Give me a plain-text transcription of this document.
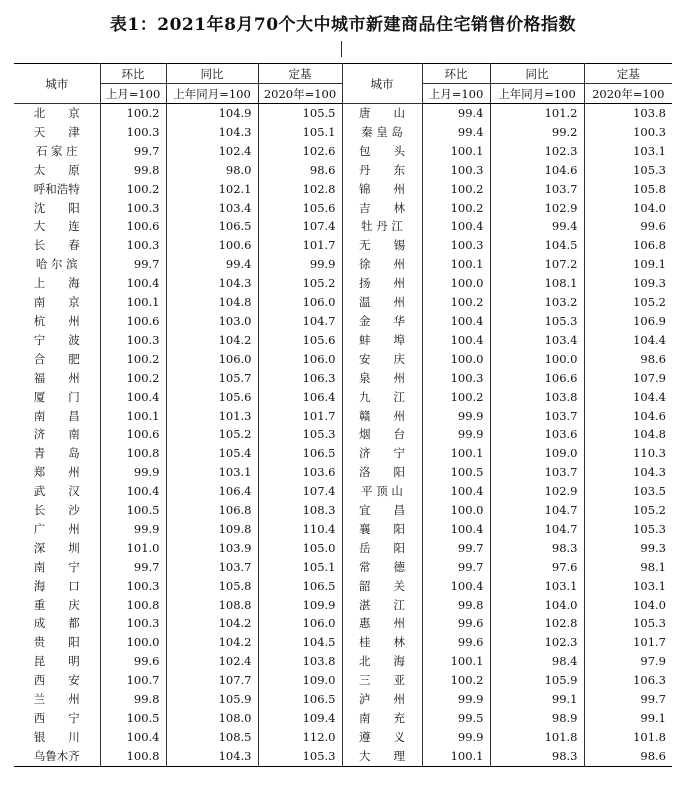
表1：2021年8月70个大中城市新建商品住宅销售价格指数
城市	环比	同比	定基	城市	环比	同比	定基
	上月=100	上年同月=100	2020年=100		上月=100	上年同月=100	2020年=100
北　　京	100.2	104.9	105.5	唐　　山	99.4	101.2	103.8
天　　津	100.3	104.3	105.1	秦 皇 岛	99.4	99.2	100.3
石 家 庄	99.7	102.4	102.6	包　　头	100.1	102.3	103.1
太　　原	99.8	98.0	98.6	丹　　东	100.3	104.6	105.3
呼和浩特	100.2	102.1	102.8	锦　　州	100.2	103.7	105.8
沈　　阳	100.3	103.4	105.6	吉　　林	100.2	102.9	104.0
大　　连	100.6	106.5	107.4	牡 丹 江	100.4	99.4	99.6
长　　春	100.3	100.6	101.7	无　　锡	100.3	104.5	106.8
哈 尔 滨	99.7	99.4	99.9	徐　　州	100.1	107.2	109.1
上　　海	100.4	104.3	105.2	扬　　州	100.0	108.1	109.3
南　　京	100.1	104.8	106.0	温　　州	100.2	103.2	105.2
杭　　州	100.6	103.0	104.7	金　　华	100.4	105.3	106.9
宁　　波	100.3	104.2	105.6	蚌　　埠	100.4	103.4	104.4
合　　肥	100.2	106.0	106.0	安　　庆	100.0	100.0	98.6
福　　州	100.2	105.7	106.3	泉　　州	100.3	106.6	107.9
厦　　门	100.4	105.6	106.4	九　　江	100.2	103.8	104.4
南　　昌	100.1	101.3	101.7	赣　　州	99.9	103.7	104.6
济　　南	100.6	105.2	105.3	烟　　台	99.9	103.6	104.8
青　　岛	100.8	105.4	106.5	济　　宁	100.1	109.0	110.3
郑　　州	99.9	103.1	103.6	洛　　阳	100.5	103.7	104.3
武　　汉	100.4	106.4	107.4	平 顶 山	100.4	102.9	103.5
长　　沙	100.5	106.8	108.3	宜　　昌	100.0	104.7	105.2
广　　州	99.9	109.8	110.4	襄　　阳	100.4	104.7	105.3
深　　圳	101.0	103.9	105.0	岳　　阳	99.7	98.3	99.3
南　　宁	99.7	103.7	105.1	常　　德	99.7	97.6	98.1
海　　口	100.3	105.8	106.5	韶　　关	100.4	103.1	103.1
重　　庆	100.8	108.8	109.9	湛　　江	99.8	104.0	104.0
成　　都	100.3	104.2	106.0	惠　　州	99.6	102.8	105.3
贵　　阳	100.0	104.2	104.5	桂　　林	99.6	102.3	101.7
昆　　明	99.6	102.4	103.8	北　　海	100.1	98.4	97.9
西　　安	100.7	107.7	109.0	三　　亚	100.2	105.9	106.3
兰　　州	99.8	105.9	106.5	泸　　州	99.9	99.1	99.7
西　　宁	100.5	108.0	109.4	南　　充	99.5	98.9	99.1
银　　川	100.4	108.5	112.0	遵　　义	99.9	101.8	101.8
乌鲁木齐	100.8	104.3	105.3	大　　理	100.1	98.3	98.6
